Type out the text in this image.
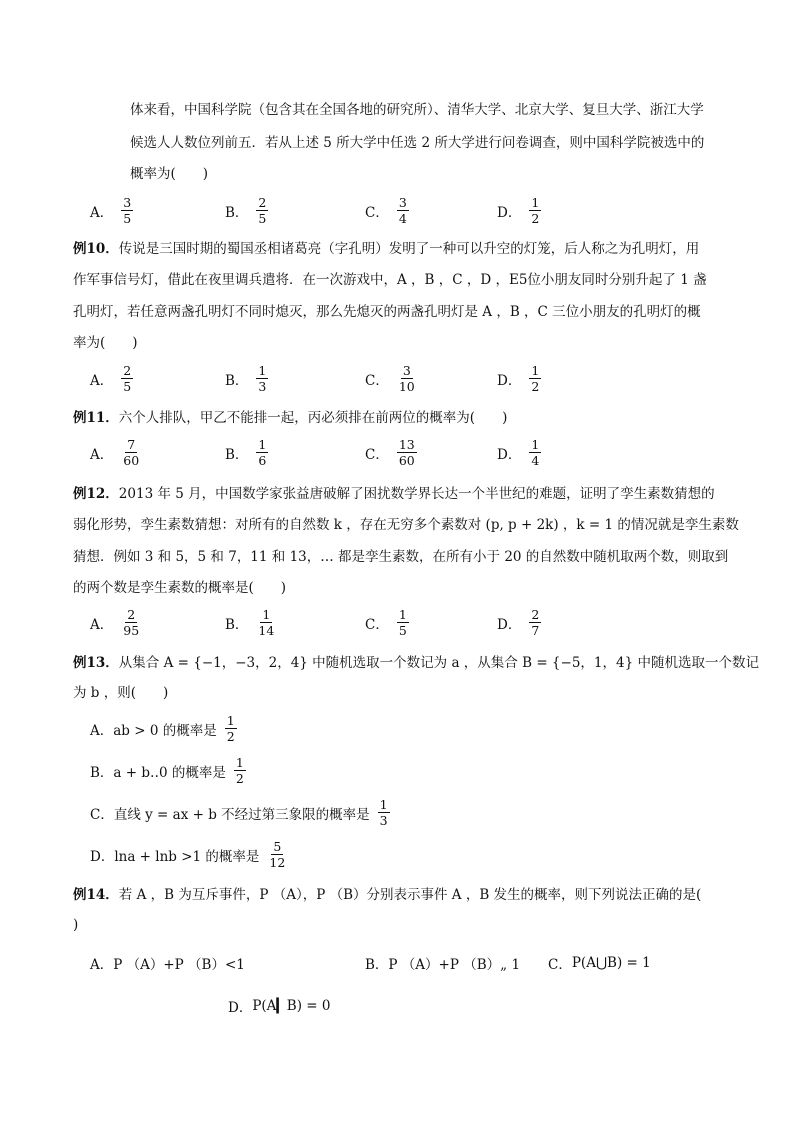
体来看，中国科学院（包含其在全国各地的研究所）、清华大学、北京大学、复旦大学、浙江大学
候选人人数位列前五．若从上述 5 所大学中任选 2 所大学进行问卷调查，则中国科学院被选中的
概率为(　　)
A． $\frac{3}{5}$	B． $\frac{2}{5}$	C． $\frac{3}{4}$	D． $\frac{1}{2}$
例10．传说是三国时期的蜀国丞相诸葛亮（字孔明）发明了一种可以升空的灯笼，后人称之为孔明灯，用
作军事信号灯，借此在夜里调兵遣将．在一次游戏中，A ，B ，C ，D ，E5位小朋友同时分别升起了 1 盏
孔明灯，若任意两盏孔明灯不同时熄灭，那么先熄灭的两盏孔明灯是 A ，B ，C 三位小朋友的孔明灯的概
率为(　　)
A． $\frac{2}{5}$	B． $\frac{1}{3}$	C． $\frac{3}{10}$	D． $\frac{1}{2}$
例11．六个人排队，甲乙不能排一起，丙必须排在前两位的概率为(　　)
A． $\frac{7}{60}$	B． $\frac{1}{6}$	C． $\frac{13}{60}$	D． $\frac{1}{4}$
例12．2013 年 5 月，中国数学家张益唐破解了困扰数学界长达一个半世纪的难题，证明了孪生素数猜想的
弱化形势，孪生素数猜想：对所有的自然数 k ，存在无穷多个素数对 (p, p + 2k) ，k = 1 的情况就是孪生素数
猜想．例如 3 和 5，5 和 7，11 和 13，… 都是孪生素数，在所有小于 20 的自然数中随机取两个数，则取到
的两个数是孪生素数的概率是(　　)
A． $\frac{2}{95}$	B． $\frac{1}{14}$	C． $\frac{1}{5}$	D． $\frac{2}{7}$
例13．从集合 A = {−1，−3，2，4} 中随机选取一个数记为 a ，从集合 B = {−5，1，4} 中随机选取一个数记
为 b ，则(　　)
A． ab > 0 的概率是 $\frac{1}{2}$
B． a + b‥0 的概率是 $\frac{1}{2}$
C． 直线 y = ax + b 不经过第三象限的概率是 $\frac{1}{3}$
D． lna + lnb >1 的概率是 $\frac{5}{12}$
例14．若 A ，B 为互斥事件，P （A），P （B）分别表示事件 A ，B 发生的概率，则下列说法正确的是(
)
A． P （A）+P （B）<1	B． P （A）+P （B）„ 1 C． P(A⋃B) = 1
D． P(A▎B) = 0
